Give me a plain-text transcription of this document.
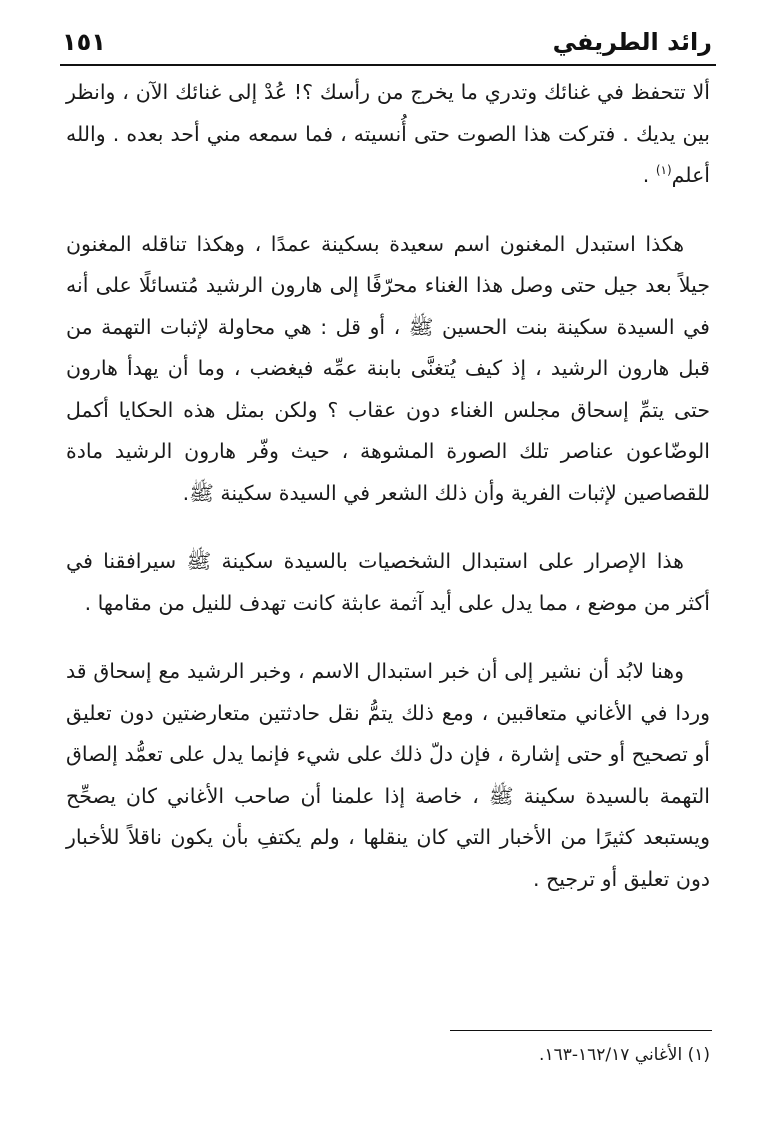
رائد الطريفي
١٥١

ألا تتحفظ في غنائك وتدري ما يخرج من رأسك ؟! عُدْ إلى غنائك الآن ، وانظر بين يديك . فتركت هذا الصوت حتى أُنسيته ، فما سمعه مني أحد بعده . والله أعلم$^{(١)}$ .

هكذا استبدل المغنون اسم سعيدة بسكينة عمدًا ، وهكذا تناقله المغنون جيلاً بعد جيل حتى وصل هذا الغناء محرّفًا إلى هارون الرشيد مُتسائلًا على أنه في السيدة سكينة بنت الحسين ﷺ ، أو قل : هي محاولة لإثبات التهمة من قبل هارون الرشيد ، إذ كيف يُتغنَّى بابنة عمِّه فيغضب ، وما أن يهدأ هارون حتى يتمِّ إسحاق مجلس الغناء دون عقاب ؟ ولكن بمثل هذه الحكايا أكمل الوضّاعون عناصر تلك الصورة المشوهة ، حيث وفّر هارون الرشيد مادة للقصاصين لإثبات الفرية وأن ذلك الشعر في السيدة سكينة ﷺ.

هذا الإصرار على استبدال الشخصيات بالسيدة سكينة ﷺ سيرافقنا في أكثر من موضع ، مما يدل على أيد آثمة عابثة كانت تهدف للنيل من مقامها .

وهنا لابُد أن نشير إلى أن خبر استبدال الاسم ، وخبر الرشيد مع إسحاق قد وردا في الأغاني متعاقبين ، ومع ذلك يتمُّ نقل حادثتين متعارضتين دون تعليق أو تصحيح أو حتى إشارة ، فإن دلّ ذلك على شيء فإنما يدل على تعمُّد إلصاق التهمة بالسيدة سكينة ﷺ ، خاصة إذا علمنا أن صاحب الأغاني كان يصحِّح ويستبعد كثيرًا من الأخبار التي كان ينقلها ، ولم يكتفِ بأن يكون ناقلاً للأخبار دون تعليق أو ترجيح .

(١) الأغاني ١٦٢/١٧-١٦٣.
